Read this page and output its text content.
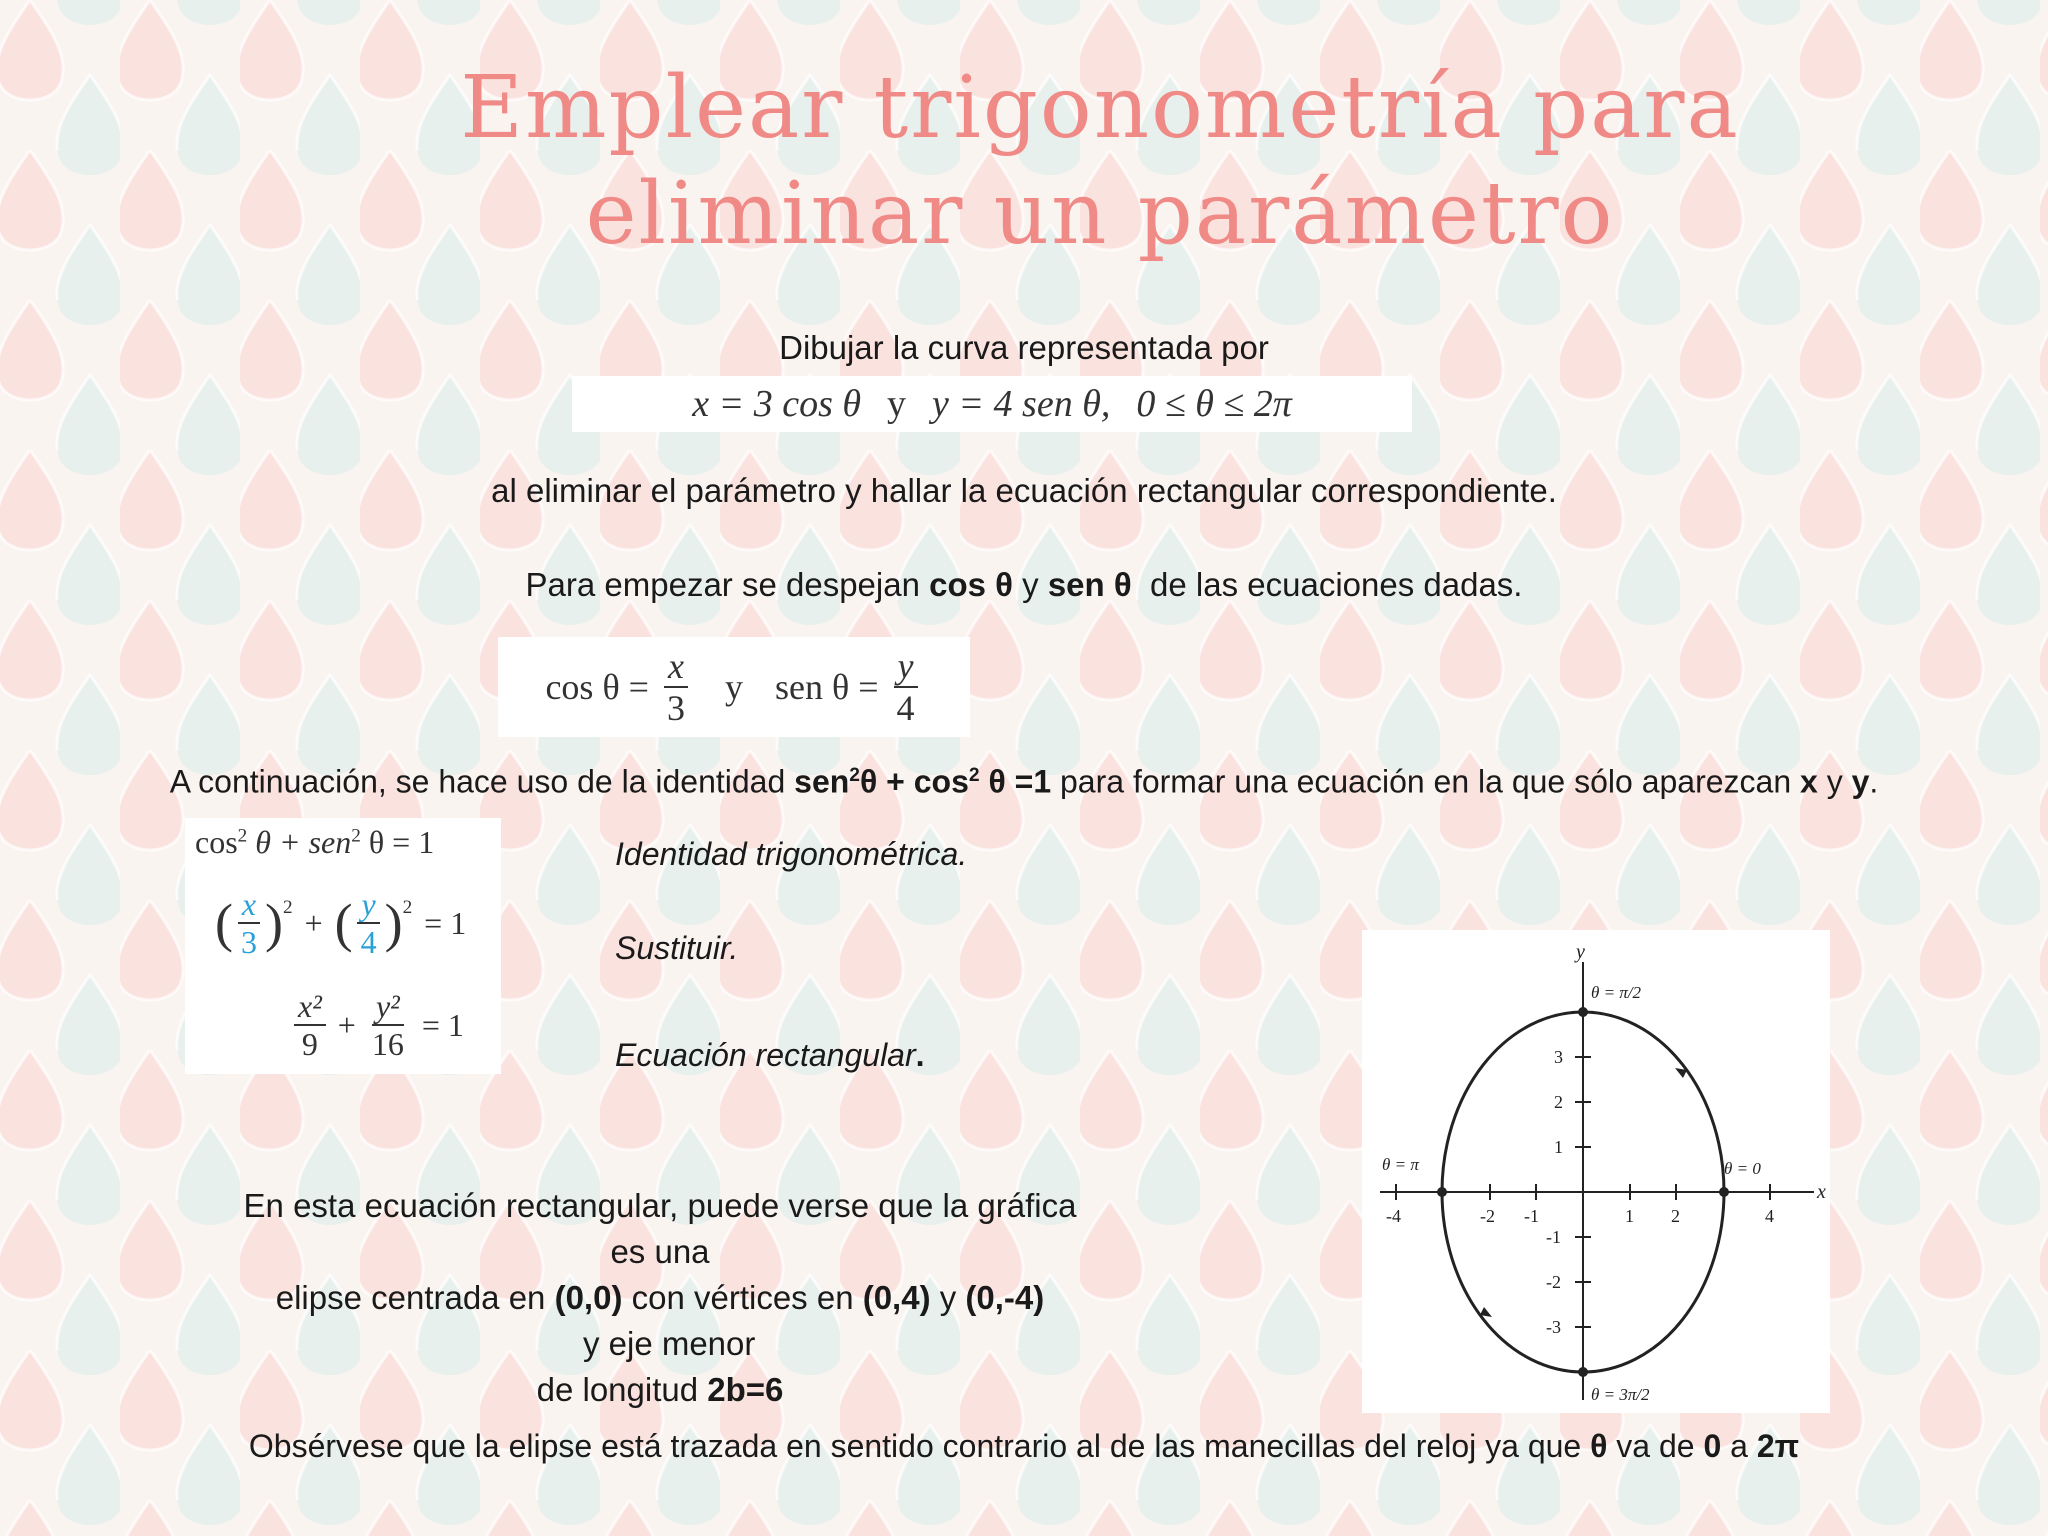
Emplear trigonometría para
eliminar un parámetro
Dibujar la curva representada por
x = 3 cos θ y y = 4 sen θ, 0 ≤ θ ≤ 2π
al eliminar el parámetro y hallar la ecuación rectangular correspondiente.
Para empezar se despejan cos θ y sen θ  de las ecuaciones dadas.
$\cos \theta = \frac{x}{3}$ y sen $\theta = \frac{y}{4}$
A continuación, se hace uso de la identidad $sen^2\theta + \cos^2 \theta =1$ para formar una ecuación en la que sólo aparezcan x y y.
$\cos^2 \theta + sen^2$ θ = 1
( $\frac{x}{3}$ ) 2 + ( $\frac{y}{4}$ ) 2 = 1
$\frac{\text{x²}}{9} + \frac{\text{y²}}{16} = 1$
Identidad trigonométrica.
Sustituir.
Ecuación rectangular.
En esta ecuación rectangular, puede verse que la gráfica es una
elipse centrada en (0,0) con vértices en (0,4) y (0,-4)  y eje menor
de longitud 2b=6
x
y
-4	-2 -1	1 2	4
3
2
1
-1
-2
-3
θ = π/2
θ = π	θ = 0
θ = 3π/2
Obsérvese que la elipse está trazada en sentido contrario al de las manecillas del reloj ya que θ va de 0 a 2π
